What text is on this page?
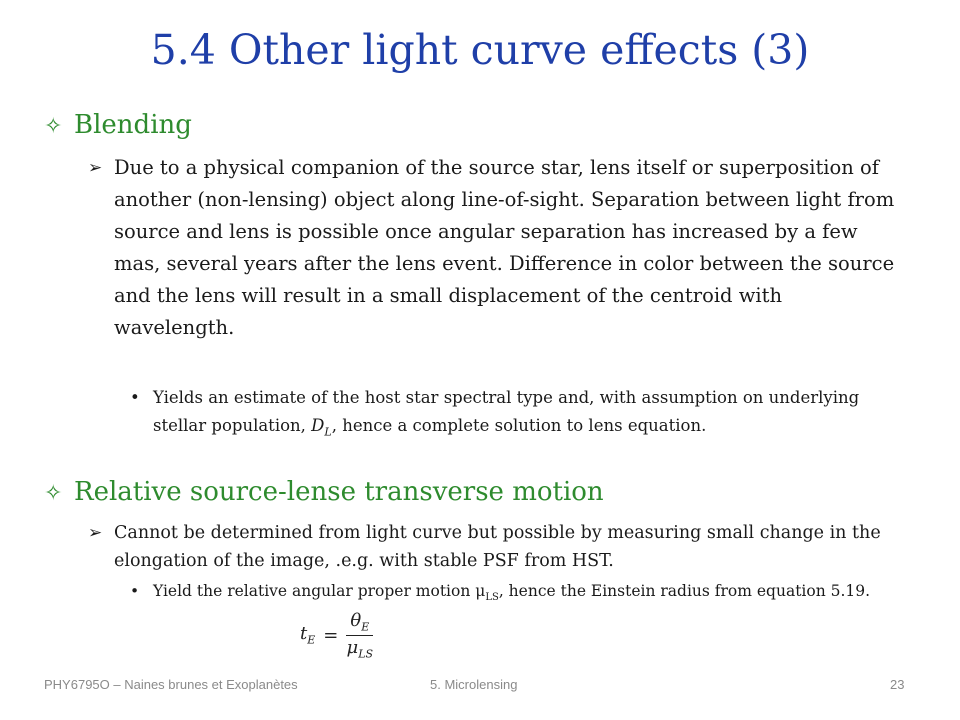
5.4 Other light curve effects (3)
✧ Blending
➢ Due to a physical companion of the source star, lens itself or superposition of another (non-lensing) object along line-of-sight. Separation between light from source and lens is possible once angular separation has increased by a few mas, several years after the lens event. Difference in color between the source and the lens will result in a small displacement of the centroid with wavelength.
• Yields an estimate of the host star spectral type and, with assumption on underlying stellar population, $D_L$, hence a complete solution to lens equation.
✧ Relative source-lense transverse motion
➢ Cannot be determined from light curve but possible by measuring small change in the elongation of the image, .e.g. with stable PSF from HST.
• Yield the relative angular proper motion $\mu_{LS}$, hence the Einstein radius from equation 5.19.
$t_E = \frac{\theta_E}{\mu_{LS}}$
PHY6795O – Naines brunes et Exoplanètes	5. Microlensing	23
